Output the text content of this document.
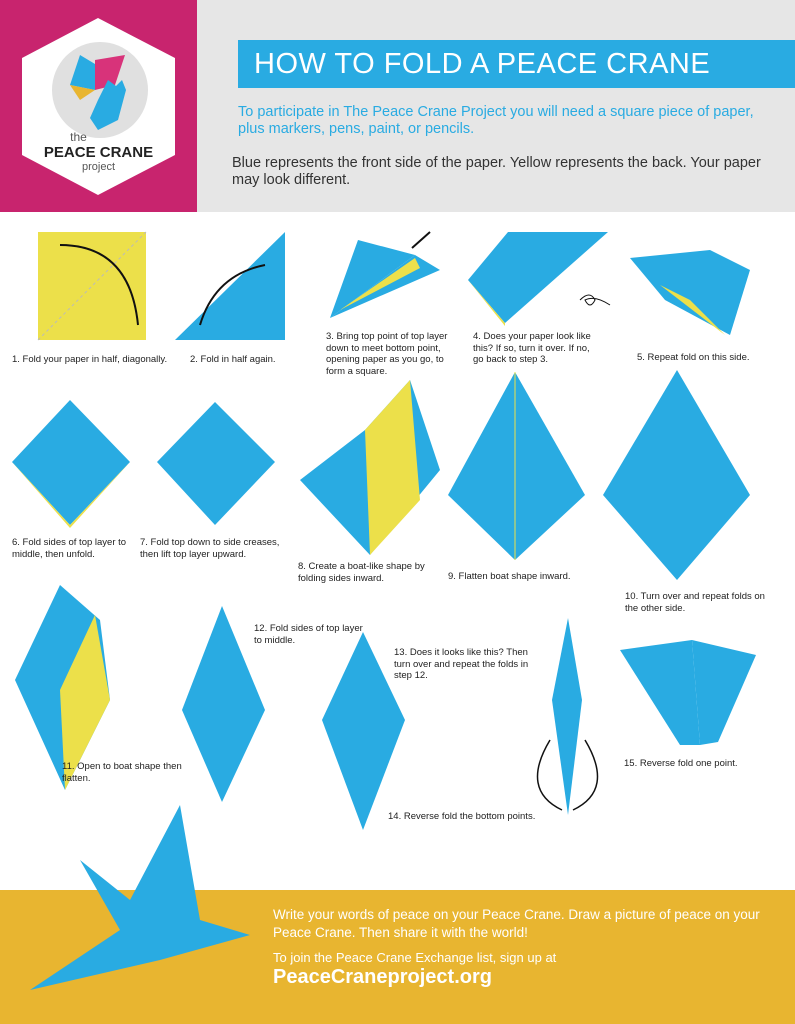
the
PEACE CRANE
project
HOW TO FOLD A PEACE CRANE
To participate in The Peace Crane Project you will need a square piece of paper, plus markers, pens, paint, or pencils.
Blue represents the front side of the paper. Yellow represents the back. Your paper may look different.
1. Fold your paper in half, diagonally.	2. Fold in half again.
3. Bring top point of top layer down to meet bottom point, opening paper as you go, to form a square.
4. Does your paper look like this? If so, turn it over. If no, go back to step 3.	5. Repeat fold on this side.
6. Fold sides of top layer to middle, then unfold.
7. Fold top down to side creases, then lift top layer upward.
8. Create a boat-like shape by folding sides inward.	9. Flatten boat shape inward.
10. Turn over and repeat folds on the other side.
11. Open to boat shape then flatten.
12. Fold sides of top layer to middle.
13. Does it looks like this? Then turn over and repeat the folds in step 12.
14. Reverse fold the bottom points.
15. Reverse fold one point.
Write your words of peace on your Peace Crane. Draw a picture of peace on your Peace Crane. Then share it with the world!
To join the Peace Crane Exchange list, sign up at
PeaceCraneproject.org
